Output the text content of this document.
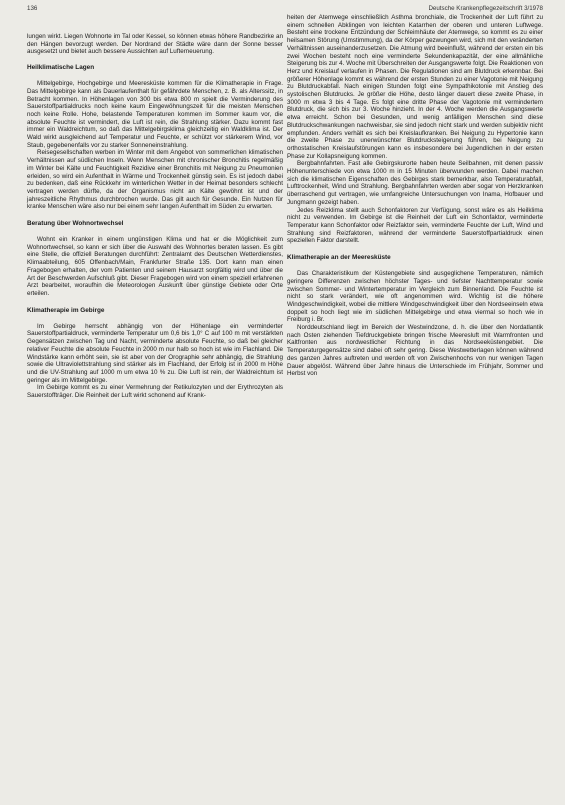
136	Deutsche Krankenpflegezeitschrift 3/1978

lungen wirkt. Liegen Wohnorte im Tal oder Kessel, so können etwas höhere Randbezirke an den Hängen bevorzugt werden. Der Nordrand der Städte wäre dann der Sonne besser ausgesetzt und bietet auch bessere Aussichten auf Lufterneuerung.

Heilklimatische Lagen

Mittelgebirge, Hochgebirge und Meeresküste kommen für die Klimatherapie in Frage. Das Mittelgebirge kann als Dauerlaufenthalt für gefährdete Menschen, z. B. als Alterssitz, in Betracht kommen. In Höhenlagen von 300 bis etwa 800 m spielt die Verminderung des Sauerstoffpartialdrucks noch keine kaum Eingewöhnungszeit für die meisten Menschen noch keine Rolle. Hohe, belastende Temperaturen kommen im Sommer kaum vor, die absolute Feuchte ist vermindert, die Luft ist rein, die Strahlung stärker. Dazu kommt fast immer ein Waldreichtum, so daß das Mittelgebirgsklima gleichzeitig ein Waldklima ist. Der Wald wirkt ausgleichend auf Temperatur und Feuchte, er schützt vor stärkerem Wind, vor Staub, gegebenenfalls vor zu starker Sonneneinstrahlung.

Reisegesellschaften werben im Winter mit dem Angebot von sommerlichen klimatischen Verhältnissen auf südlichen Inseln. Wenn Menschen mit chronischer Bronchitis regelmäßig im Winter bei Kälte und Feuchtigkeit Rezidive einer Bronchitis mit Neigung zu Pneumonien erleiden, so wird ein Aufenthalt in Wärme und Trockenheit günstig sein. Es ist jedoch dabei zu bedenken, daß eine Rückkehr im winterlichen Wetter in der Heimat besonders schlecht vertragen werden dürfte, da der Organismus nicht an Kälte gewöhnt ist und der jahreszeitliche Rhythmus durchbrochen wurde. Das gilt auch für Gesunde. Ein Nutzen für kranke Menschen wäre also nur bei einem sehr langen Aufenthalt im Süden zu erwarten.

Beratung über Wohnortwechsel

Wohnt ein Kranker in einem ungünstigen Klima und hat er die Möglichkeit zum Wohnortwechsel, so kann er sich über die Auswahl des Wohnortes beraten lassen. Es gibt eine Stelle, die offiziell Beratungen durchführt: Zentralamt des Deutschen Wetterdienstes, Klimaabteilung, 605 Offenbach/Main, Frankfurter Straße 135. Dort kann man einen Fragebogen erhalten, der vom Patienten und seinem Hausarzt sorgfältig wird und über die Art der Beschwerden Aufschluß gibt. Dieser Fragebogen wird von einem speziell erfahrenen Arzt bearbeitet, woraufhin die Meteorologen Auskunft über günstige Gebiete oder Orte erteilen.

Klimatherapie im Gebirge

Im Gebirge herrscht abhängig von der Höhenlage ein verminderter Sauerstoffpartialdruck, verminderte Temperatur um 0,6 bis 1,0° C auf 100 m mit verstärkten Gegensätzen zwischen Tag und Nacht, verminderte absolute Feuchte, so daß bei gleicher relativer Feuchte die absolute Feuchte in 2000 m nur halb so hoch ist wie im Flachland. Die Windstärke kann erhöht sein, sie ist aber von der Orographie sehr abhängig, die Strahlung sowie die Ultraviolettstrahlung sind stärker als im Flachland, der Erfolg ist in 2000 m Höhe und die UV-Strahlung auf 1000 m um etwa 10 % zu. Die Luft ist rein, der Waldreichtum ist geringer als im Mittelgebirge.

Im Gebirge kommt es zu einer Vermehrung der Retikulozyten und der Erythrozyten als Sauerstoffträger. Die Reinheit der Luft wirkt schonend auf Krank-

heiten der Atemwege einschließlich Asthma bronchiale, die Trockenheit der Luft führt zu einem schnellen Abklingen von leichten Katarrhen der oberen und unteren Luftwege. Besteht eine trockene Entzündung der Schleimhäute der Atemwege, so kommt es zu einer heilsamen Störung (Umstimmung), da der Körper gezwungen wird, sich mit den veränderten Verhältnissen auseinanderzusetzen. Die Atmung wird beeinflußt, während der ersten ein bis zwei Wochen besteht noch eine verminderte Sekundenkapazität, der eine allmähliche Steigerung bis zur 4. Woche mit Überschreiten der Ausgangswerte folgt. Die Reaktionen von Herz und Kreislauf verlaufen in Phasen. Die Regulationen sind am Blutdruck erkennbar. Bei größerer Höhenlage kommt es während der ersten Stunden zu einer Vagotonie mit Neigung zu Blutdruckabfall. Nach einigen Stunden folgt eine Sympathikotonie mit Anstieg des systolischen Blutdrucks. Je größer die Höhe, desto länger dauert diese zweite Phase, in 3000 m etwa 3 bis 4 Tage. Es folgt eine dritte Phase der Vagotonie mit vermindertem Blutdruck, die sich bis zur 3. Woche hinzieht. In der 4. Woche werden die Ausgangswerte etwa erreicht. Schon bei Gesunden, und wenig anfälligen Menschen sind diese Blutdruckschwankungen nachweisbar, sie sind jedoch nicht stark und werden subjektiv nicht empfunden. Anders verhält es sich bei Kreislaufkranken. Bei Neigung zu Hypertonie kann die zweite Phase zu unerwünschter Blutdrucksteigerung führen, bei Neigung zu orthostatischen Kreislaufstörungen kann es insbesondere bei Jugendlichen in der ersten Phase zur Kollapsneigung kommen.

Bergbahnfahrten. Fast alle Gebirgskurorte haben heute Seilbahnen, mit denen passiv Höhenunterschiede von etwa 1000 m in 15 Minuten überwunden werden. Dabei machen sich die klimatischen Eigenschaften des Gebirges stark bemerkbar, also Temperaturabfall, Lufttrockenheit, Wind und Strahlung. Bergbahnfahrten werden aber sogar von Herzkranken überraschend gut vertragen, wie umfangreiche Untersuchungen von Inama, Hofbauer und Jungmann gezeigt haben.

Jedes Reizklima stellt auch Schonfaktoren zur Verfügung, sonst wäre es als Heilklima nicht zu verwenden. Im Gebirge ist die Reinheit der Luft ein Schonfaktor, verminderte Temperatur kann Schonfaktor oder Reizfaktor sein, verminderte Feuchte der Luft, Wind und Strahlung sind Reizfaktoren, während der verminderte Sauerstoffpartialdruck einen speziellen Faktor darstellt.

Klimatherapie an der Meeresküste

Das Charakteristikum der Küstengebiete sind ausgeglichene Temperaturen, nämlich geringere Differenzen zwischen höchster Tages- und tiefster Nachttemperatur sowie zwischen Sommer- und Wintertemperatur im Vergleich zum Binnenland. Die Feuchte ist nicht so stark verändert, wie oft angenommen wird. Wichtig ist die höhere Windgeschwindigkeit, wobei die mittlere Windgeschwindigkeit über den Nordseeinseln etwa doppelt so hoch liegt wie im südlichen Mittelgebirge und etwa viermal so hoch wie in Freiburg i. Br.

Norddeutschland liegt im Bereich der Westwindzone, d. h. die über den Nordatlantik nach Osten ziehenden Tiefdruckgebiete bringen frische Meeresluft mit Warmfronten und Kaltfronten aus nordwestlicher Richtung in das Nordseeküstengebiet. Die Temperaturgegensätze sind dabei oft sehr gering. Diese Westwetterlagen können während des ganzen Jahres auftreten und werden oft von Zwischenhochs von nur wenigen Tagen Dauer abgelöst. Während über Jahre hinaus die Unterschiede im Frühjahr, Sommer und Herbst von
